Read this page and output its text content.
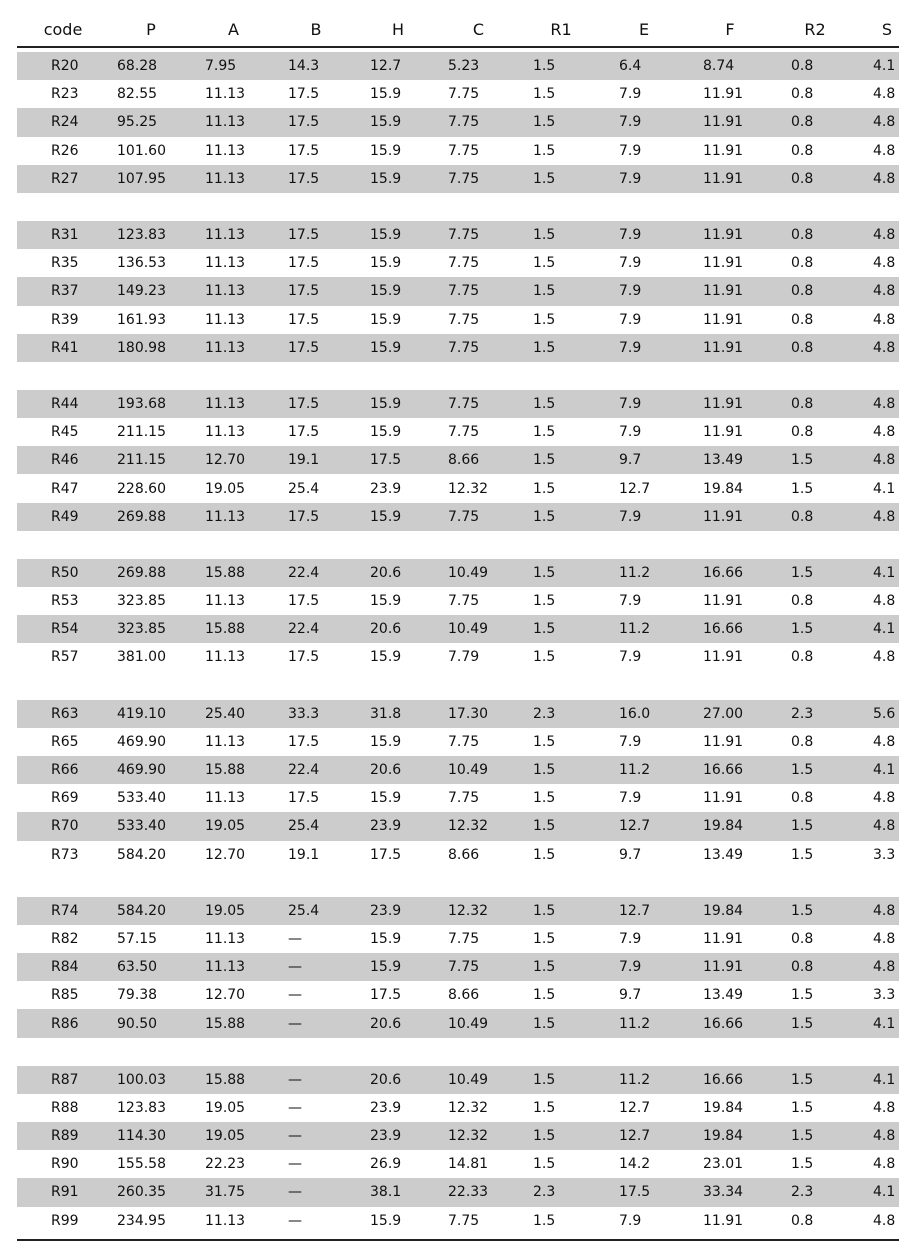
code	P	A	B	H	C	R1	E	F	R2	S
R20	68.28	7.95	14.3	12.7	5.23	1.5	6.4	8.74	0.8	4.1
R23	82.55	11.13	17.5	15.9	7.75	1.5	7.9	11.91	0.8	4.8
R24	95.25	11.13	17.5	15.9	7.75	1.5	7.9	11.91	0.8	4.8
R26	101.60	11.13	17.5	15.9	7.75	1.5	7.9	11.91	0.8	4.8
R27	107.95	11.13	17.5	15.9	7.75	1.5	7.9	11.91	0.8	4.8
R31	123.83	11.13	17.5	15.9	7.75	1.5	7.9	11.91	0.8	4.8
R35	136.53	11.13	17.5	15.9	7.75	1.5	7.9	11.91	0.8	4.8
R37	149.23	11.13	17.5	15.9	7.75	1.5	7.9	11.91	0.8	4.8
R39	161.93	11.13	17.5	15.9	7.75	1.5	7.9	11.91	0.8	4.8
R41	180.98	11.13	17.5	15.9	7.75	1.5	7.9	11.91	0.8	4.8
R44	193.68	11.13	17.5	15.9	7.75	1.5	7.9	11.91	0.8	4.8
R45	211.15	11.13	17.5	15.9	7.75	1.5	7.9	11.91	0.8	4.8
R46	211.15	12.70	19.1	17.5	8.66	1.5	9.7	13.49	1.5	4.8
R47	228.60	19.05	25.4	23.9	12.32	1.5	12.7	19.84	1.5	4.1
R49	269.88	11.13	17.5	15.9	7.75	1.5	7.9	11.91	0.8	4.8
R50	269.88	15.88	22.4	20.6	10.49	1.5	11.2	16.66	1.5	4.1
R53	323.85	11.13	17.5	15.9	7.75	1.5	7.9	11.91	0.8	4.8
R54	323.85	15.88	22.4	20.6	10.49	1.5	11.2	16.66	1.5	4.1
R57	381.00	11.13	17.5	15.9	7.79	1.5	7.9	11.91	0.8	4.8
R63	419.10	25.40	33.3	31.8	17.30	2.3	16.0	27.00	2.3	5.6
R65	469.90	11.13	17.5	15.9	7.75	1.5	7.9	11.91	0.8	4.8
R66	469.90	15.88	22.4	20.6	10.49	1.5	11.2	16.66	1.5	4.1
R69	533.40	11.13	17.5	15.9	7.75	1.5	7.9	11.91	0.8	4.8
R70	533.40	19.05	25.4	23.9	12.32	1.5	12.7	19.84	1.5	4.8
R73	584.20	12.70	19.1	17.5	8.66	1.5	9.7	13.49	1.5	3.3
R74	584.20	19.05	25.4	23.9	12.32	1.5	12.7	19.84	1.5	4.8
R82	57.15	11.13	—	15.9	7.75	1.5	7.9	11.91	0.8	4.8
R84	63.50	11.13	—	15.9	7.75	1.5	7.9	11.91	0.8	4.8
R85	79.38	12.70	—	17.5	8.66	1.5	9.7	13.49	1.5	3.3
R86	90.50	15.88	—	20.6	10.49	1.5	11.2	16.66	1.5	4.1
R87	100.03	15.88	—	20.6	10.49	1.5	11.2	16.66	1.5	4.1
R88	123.83	19.05	—	23.9	12.32	1.5	12.7	19.84	1.5	4.8
R89	114.30	19.05	—	23.9	12.32	1.5	12.7	19.84	1.5	4.8
R90	155.58	22.23	—	26.9	14.81	1.5	14.2	23.01	1.5	4.8
R91	260.35	31.75	—	38.1	22.33	2.3	17.5	33.34	2.3	4.1
R99	234.95	11.13	—	15.9	7.75	1.5	7.9	11.91	0.8	4.8
